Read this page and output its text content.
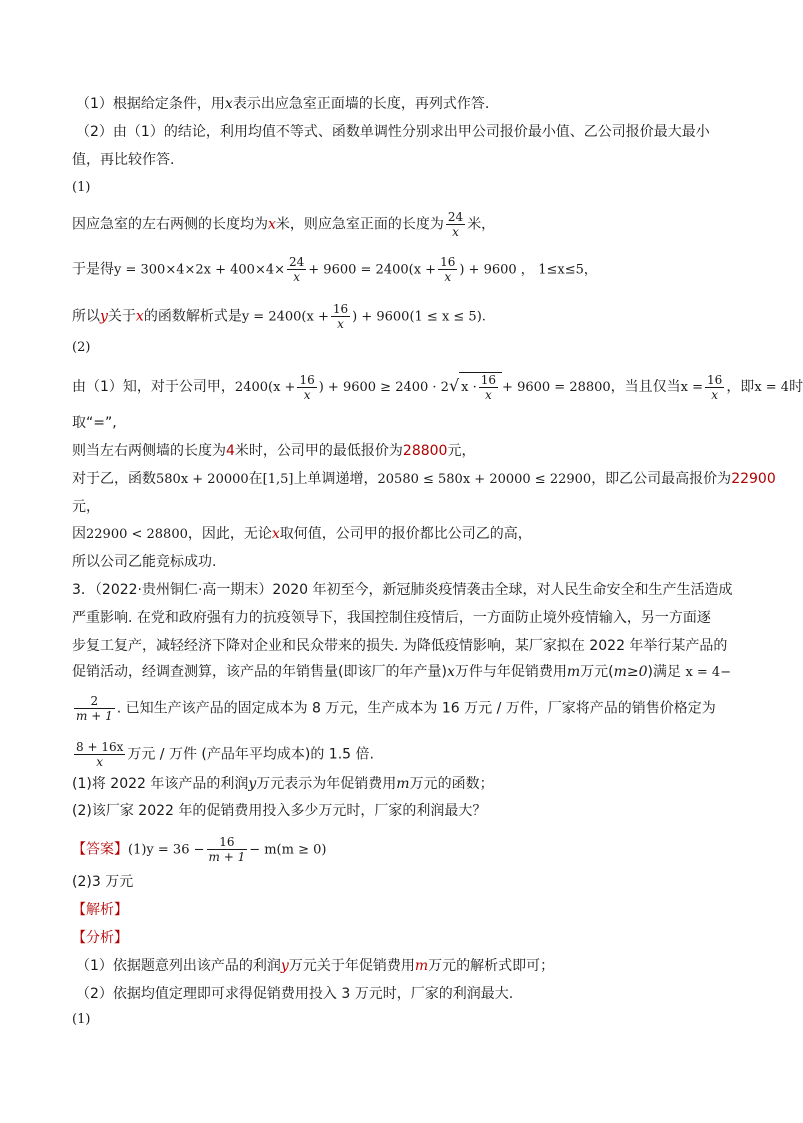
（1）根据给定条件，用x表示出应急室正面墙的长度，再列式作答.
（2）由（1）的结论，利用均值不等式、函数单调性分别求出甲公司报价最小值、乙公司报价最大最小
值，再比较作答.
(1)
因应急室的左右两侧的长度均为x米，则应急室正面的长度为 $\frac{24}{x}$ 米，
于是得$y = 300\times 4\times 2x + 400\times 4\times \frac{24}{x} + 9600 = 2400(x + \frac{16}{x}$ ) + 9600 ， 1≤x≤5，
所以y关于x的函数解析式是$y = 2400(x + \frac{16}{x}$ ) + 9600(1 ≤ x ≤ 5).
(2)
由（1）知，对于公司甲，$2400(x + \frac{16}{x}$ ) + 9600 ≥ 2400 · 2√ $x \cdot \frac{16}{x} + 9600 = 28800$，当且仅当$x = \frac{16}{x}$ ，即x = 4时
取“=”,
则当左右两侧墙的长度为4米时，公司甲的最低报价为28800元，
对于乙，函数580x + 20000在[1,5]上单调递增，20580 ≤ 580x + 20000 ≤ 22900，即乙公司最高报价为22900
元，
因22900 < 28800，因此，无论x取何值，公司甲的报价都比公司乙的高，
所以公司乙能竞标成功.
3．（2022·贵州铜仁·高一期末）2020 年初至今，新冠肺炎疫情袭击全球，对人民生命安全和生产生活造成
严重影响. 在党和政府强有力的抗疫领导下，我国控制住疫情后，一方面防止境外疫情输入，另一方面逐
步复工复产，减轻经济下降对企业和民众带来的损失. 为降低疫情影响，某厂家拟在 2022 年举行某产品的
促销活动，经调查测算，该产品的年销售量(即该厂的年产量)x万件与年促销费用m万元(m≥0)满足 x = 4−
$\frac{2}{m + 1}$ . 已知生产该产品的固定成本为 8 万元，生产成本为 16 万元 / 万件，厂家将产品的销售价格定为
$\frac{8 + 16x}{x}$ 万元 / 万件 (产品年平均成本)的 1.5 倍.
(1)将 2022 年该产品的利润y万元表示为年促销费用m万元的函数；
(2)该厂家 2022 年的促销费用投入多少万元时，厂家的利润最大？
【答案】$(1)y = 36 - \frac{16}{m + 1} - m(m \ge 0)$
(2)3 万元
【解析】
【分析】
（1）依据题意列出该产品的利润y万元关于年促销费用m万元的解析式即可；
（2）依据均值定理即可求得促销费用投入 3 万元时，厂家的利润最大.
(1)
